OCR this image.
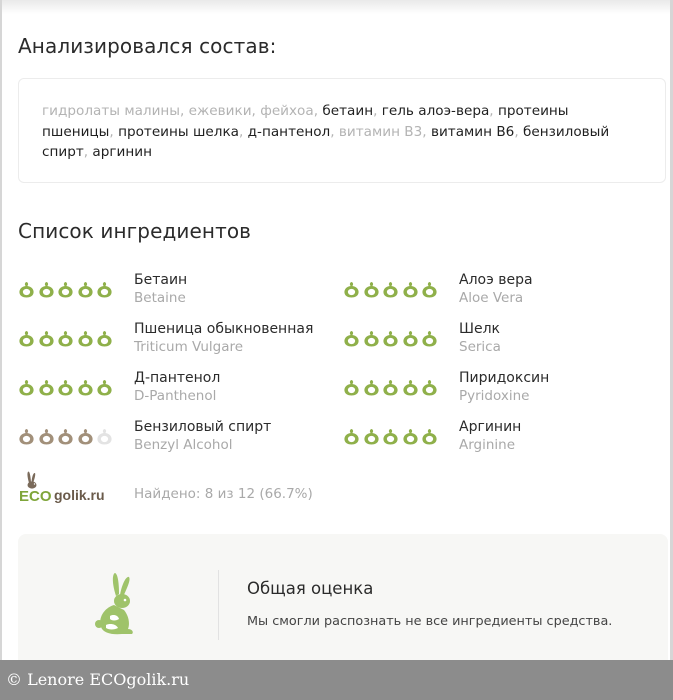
Анализировался состав:
гидролаты малины, ежевики, фейхоа, бетаин, гель алоэ-вера, протеины пшеницы, протеины шелка, д-пантенол, витамин B3, витамин B6, бензиловый спирт, аргинин
Список ингредиентов
Бетаин
Betaine
Алоэ вера
Aloe Vera
Пшеница обыкновенная
Triticum Vulgare
Шелк
Serica
Д-пантенол
D-Panthenol
Пиридоксин
Pyridoxine
Бензиловый спирт
Benzyl Alcohol
Аргинин
Arginine
ECO golik.ru Найдено: 8 из 12 (66.7%)
Общая оценка
Мы смогли распознать не все ингредиенты средства.
© Lenore ECOgolik.ru
